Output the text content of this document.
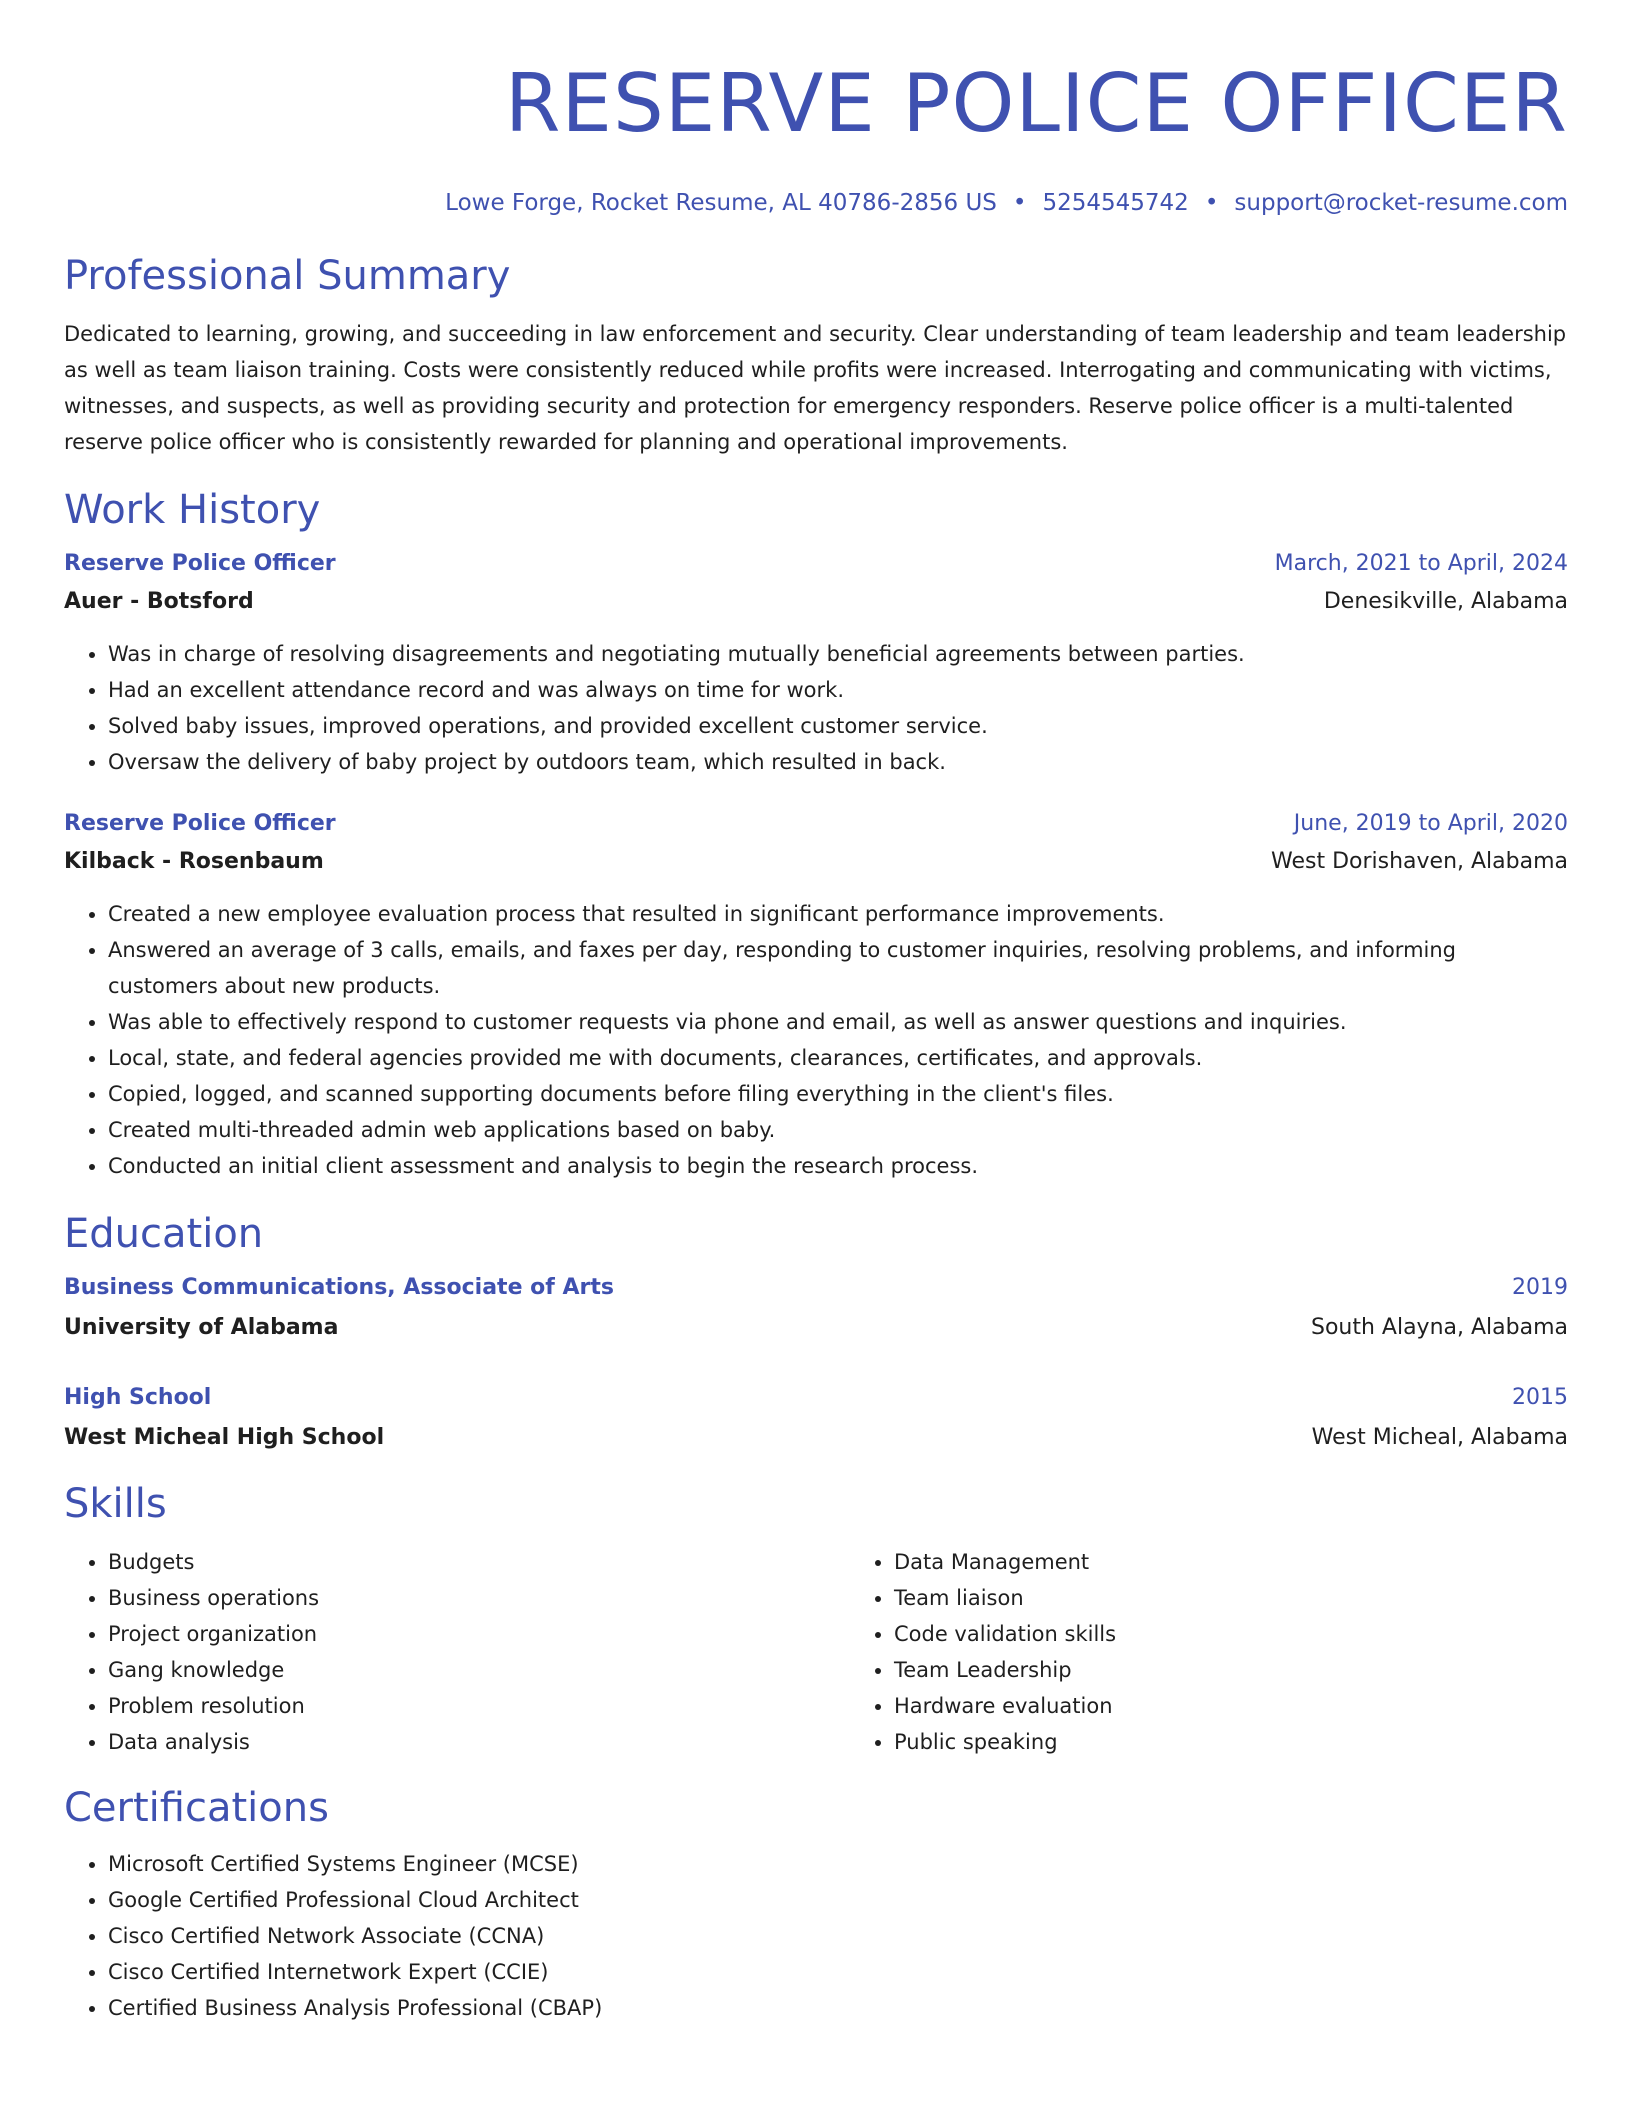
RESERVE POLICE OFFICER
Lowe Forge, Rocket Resume, AL 40786-2856 US • 5254545742 • support@rocket-resume.com
Professional Summary

Dedicated to learning, growing, and succeeding in law enforcement and security. Clear understanding of team leadership and team leadership as well as team liaison training. Costs were consistently reduced while profits were increased. Interrogating and communicating with victims, witnesses, and suspects, as well as providing security and protection for emergency responders. Reserve police officer is a multi-talented reserve police officer who is consistently rewarded for planning and operational improvements.

Work History
Reserve Police Officer	March, 2021 to April, 2024
Auer - Botsford	Denesikville, Alabama
• Was in charge of resolving disagreements and negotiating mutually beneficial agreements between parties.
• Had an excellent attendance record and was always on time for work.
• Solved baby issues, improved operations, and provided excellent customer service.
• Oversaw the delivery of baby project by outdoors team, which resulted in back.
Reserve Police Officer	June, 2019 to April, 2020
Kilback - Rosenbaum	West Dorishaven, Alabama
• Created a new employee evaluation process that resulted in significant performance improvements.
• Answered an average of 3 calls, emails, and faxes per day, responding to customer inquiries, resolving problems, and informing customers about new products.
• Was able to effectively respond to customer requests via phone and email, as well as answer questions and inquiries.
• Local, state, and federal agencies provided me with documents, clearances, certificates, and approvals.
• Copied, logged, and scanned supporting documents before filing everything in the client's files.
• Created multi-threaded admin web applications based on baby.
• Conducted an initial client assessment and analysis to begin the research process.
Education
Business Communications, Associate of Arts	2019
University of Alabama	South Alayna, Alabama
High School	2015
West Micheal High School	West Micheal, Alabama
Skills
• Budgets
• Business operations
• Project organization
• Gang knowledge
• Problem resolution
• Data analysis
• Data Management
• Team liaison
• Code validation skills
• Team Leadership
• Hardware evaluation
• Public speaking
Certifications
• Microsoft Certified Systems Engineer (MCSE)
• Google Certified Professional Cloud Architect
• Cisco Certified Network Associate (CCNA)
• Cisco Certified Internetwork Expert (CCIE)
• Certified Business Analysis Professional (CBAP)
